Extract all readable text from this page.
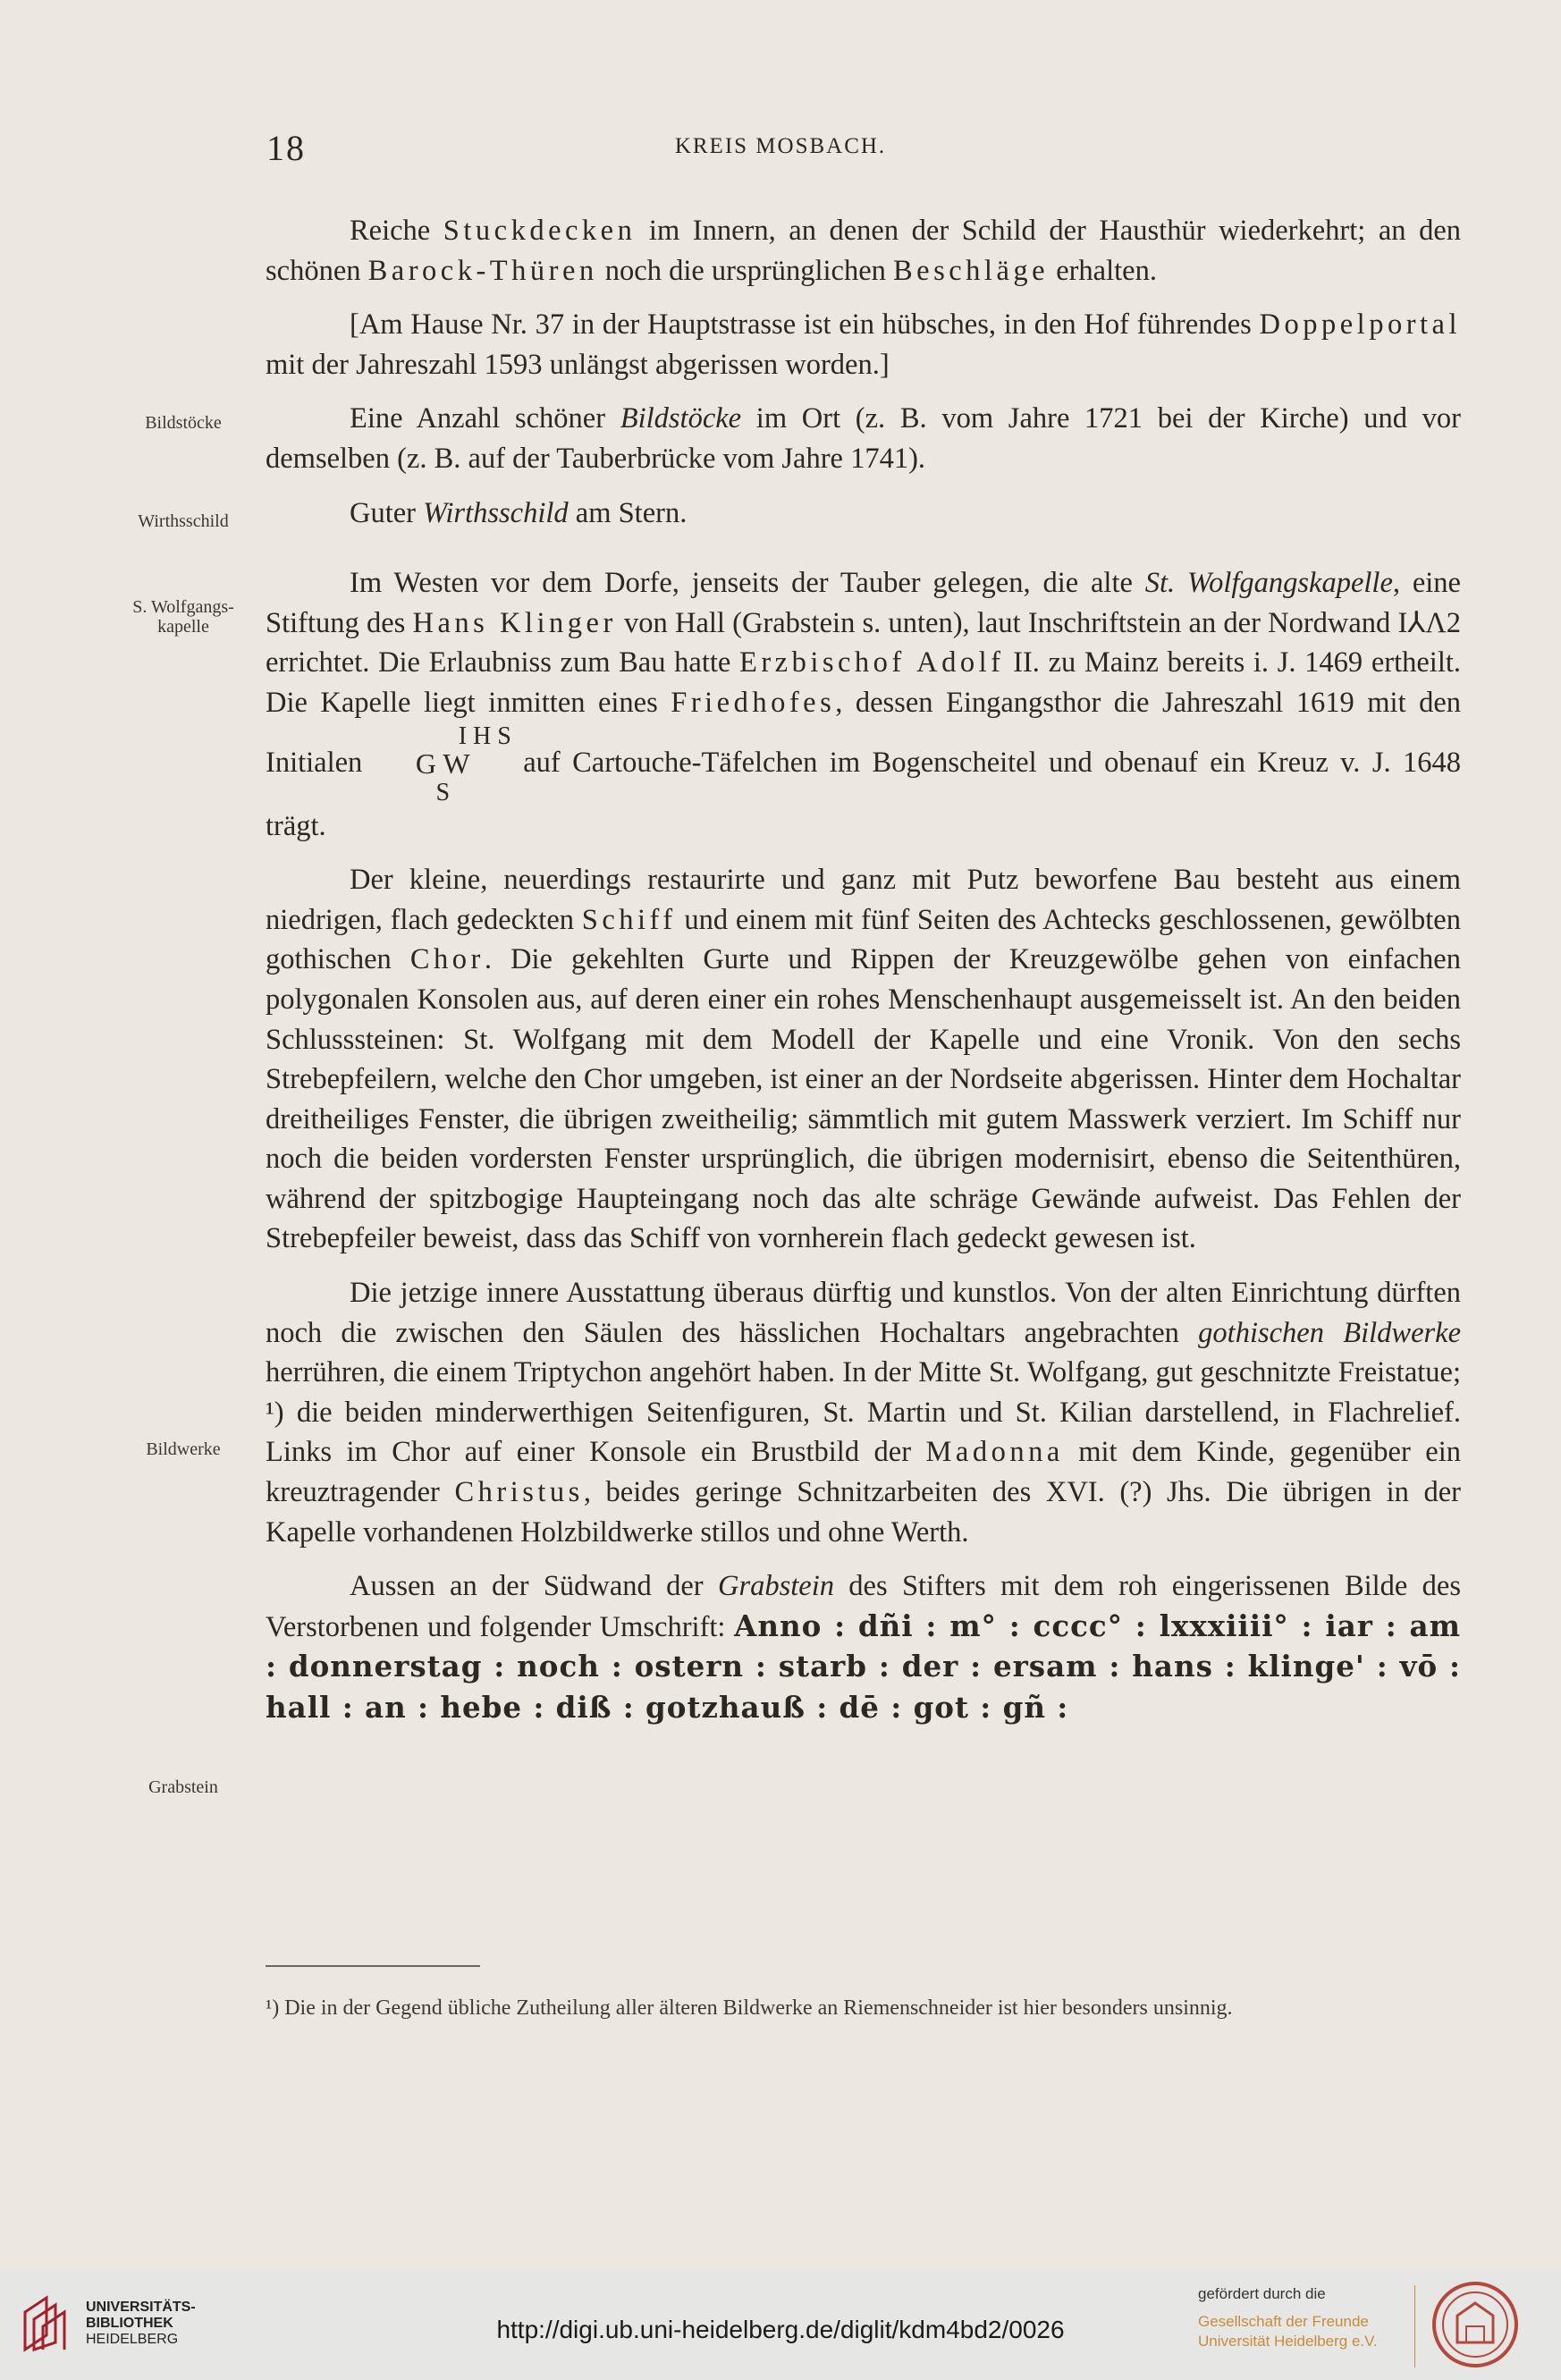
18	KREIS MOSBACH.
Bildstöcke
Wirthsschild
S. Wolfgangs-
kapelle
Bildwerke
Grabstein

Reiche Stuckdecken im Innern, an denen der Schild der Hausthür wiederkehrt; an den schönen Barock-Thüren noch die ursprünglichen Beschläge erhalten.

[Am Hause Nr. 37 in der Hauptstrasse ist ein hübsches, in den Hof führendes Doppelportal mit der Jahreszahl 1593 unlängst abgerissen worden.]

Eine Anzahl schöner Bildstöcke im Ort (z. B. vom Jahre 1721 bei der Kirche) und vor demselben (z. B. auf der Tauberbrücke vom Jahre 1741).

Guter Wirthsschild am Stern.

Im Westen vor dem Dorfe, jenseits der Tauber gelegen, die alte St. Wolfgangskapelle, eine Stiftung des Hans Klinger von Hall (Grabstein s. unten), laut Inschriftstein an der Nordwand I⅄Λ2 errichtet. Die Erlaubniss zum Bau hatte Erzbischof Adolf II. zu Mainz bereits i. J. 1469 ertheilt. Die Kapelle liegt inmitten eines Friedhofes, dessen Eingangsthor die Jahreszahl 1619 mit den Initialen I H S
G W
S auf Cartouche-Täfelchen im Bogenscheitel und obenauf ein Kreuz v. J. 1648 trägt.

Der kleine, neuerdings restaurirte und ganz mit Putz beworfene Bau besteht aus einem niedrigen, flach gedeckten Schiff und einem mit fünf Seiten des Achtecks geschlossenen, gewölbten gothischen Chor. Die gekehlten Gurte und Rippen der Kreuzgewölbe gehen von einfachen polygonalen Konsolen aus, auf deren einer ein rohes Menschenhaupt ausgemeisselt ist. An den beiden Schlusssteinen: St. Wolfgang mit dem Modell der Kapelle und eine Vronik. Von den sechs Strebepfeilern, welche den Chor umgeben, ist einer an der Nordseite abgerissen. Hinter dem Hochaltar dreitheiliges Fenster, die übrigen zweitheilig; sämmtlich mit gutem Masswerk verziert. Im Schiff nur noch die beiden vordersten Fenster ursprünglich, die übrigen modernisirt, ebenso die Seitenthüren, während der spitzbogige Haupteingang noch das alte schräge Gewände aufweist. Das Fehlen der Strebepfeiler beweist, dass das Schiff von vornherein flach gedeckt gewesen ist.

Die jetzige innere Ausstattung überaus dürftig und kunstlos. Von der alten Einrichtung dürften noch die zwischen den Säulen des hässlichen Hochaltars angebrachten gothischen Bildwerke herrühren, die einem Triptychon angehört haben. In der Mitte St. Wolfgang, gut geschnitzte Freistatue; ¹) die beiden minderwerthigen Seitenfiguren, St. Martin und St. Kilian darstellend, in Flachrelief. Links im Chor auf einer Konsole ein Brustbild der Madonna mit dem Kinde, gegenüber ein kreuztragender Christus, beides geringe Schnitzarbeiten des XVI. (?) Jhs. Die übrigen in der Kapelle vorhandenen Holzbildwerke stillos und ohne Werth.

Aussen an der Südwand der Grabstein des Stifters mit dem roh eingerissenen Bilde des Verstorbenen und folgender Umschrift: Anno : dñi : m° : cccc° : lxxxiiii° : iar : am : donnerstag : noch : ostern : starb : der : ersam : hans : klinge' : vō : hall : an : hebe : diß : gotzhauß : dē : got : gñ :

¹) Die in der Gegend übliche Zutheilung aller älteren Bildwerke an Riemenschneider ist hier besonders unsinnig.
UNIVERSITÄTS-
BIBLIOTHEK
HEIDELBERG	http://digi.ub.uni-heidelberg.de/diglit/kdm4bd2/0026
gefördert durch die
Gesellschaft der Freunde
Universität Heidelberg e.V.
